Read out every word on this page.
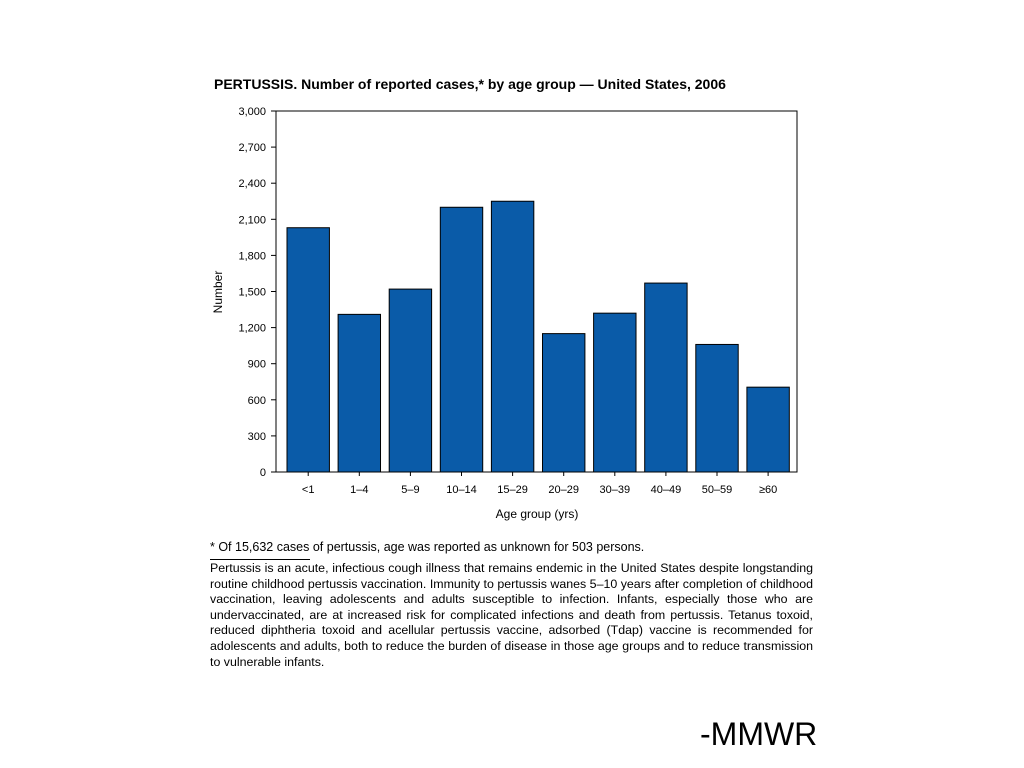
PERTUSSIS. Number of reported cases,* by age group — United States, 2006
0
300
600
900
1,200
1,500
1,800
2,100
2,400
2,700
3,000
<1	1–4	5–9 10–14 15–29 20–29 30–39 40–49 50–59 ≥60
Number
Age group (yrs)
* Of 15,632 cases of pertussis, age was reported as unknown for 503 persons.
Pertussis is an acute, infectious cough illness that remains endemic in the United States despite longstanding routine childhood pertussis vaccination. Immunity to pertussis wanes 5–10 years after completion of childhood vaccination, leaving adolescents and adults susceptible to infection. Infants, especially those who are undervaccinated, are at increased risk for complicated infections and death from pertussis. Tetanus toxoid, reduced diphtheria toxoid and acellular pertussis vaccine, adsorbed (Tdap) vaccine is recommended for adolescents and adults, both to reduce the burden of disease in those age groups and to reduce transmission to vulnerable infants.
-MMWR
